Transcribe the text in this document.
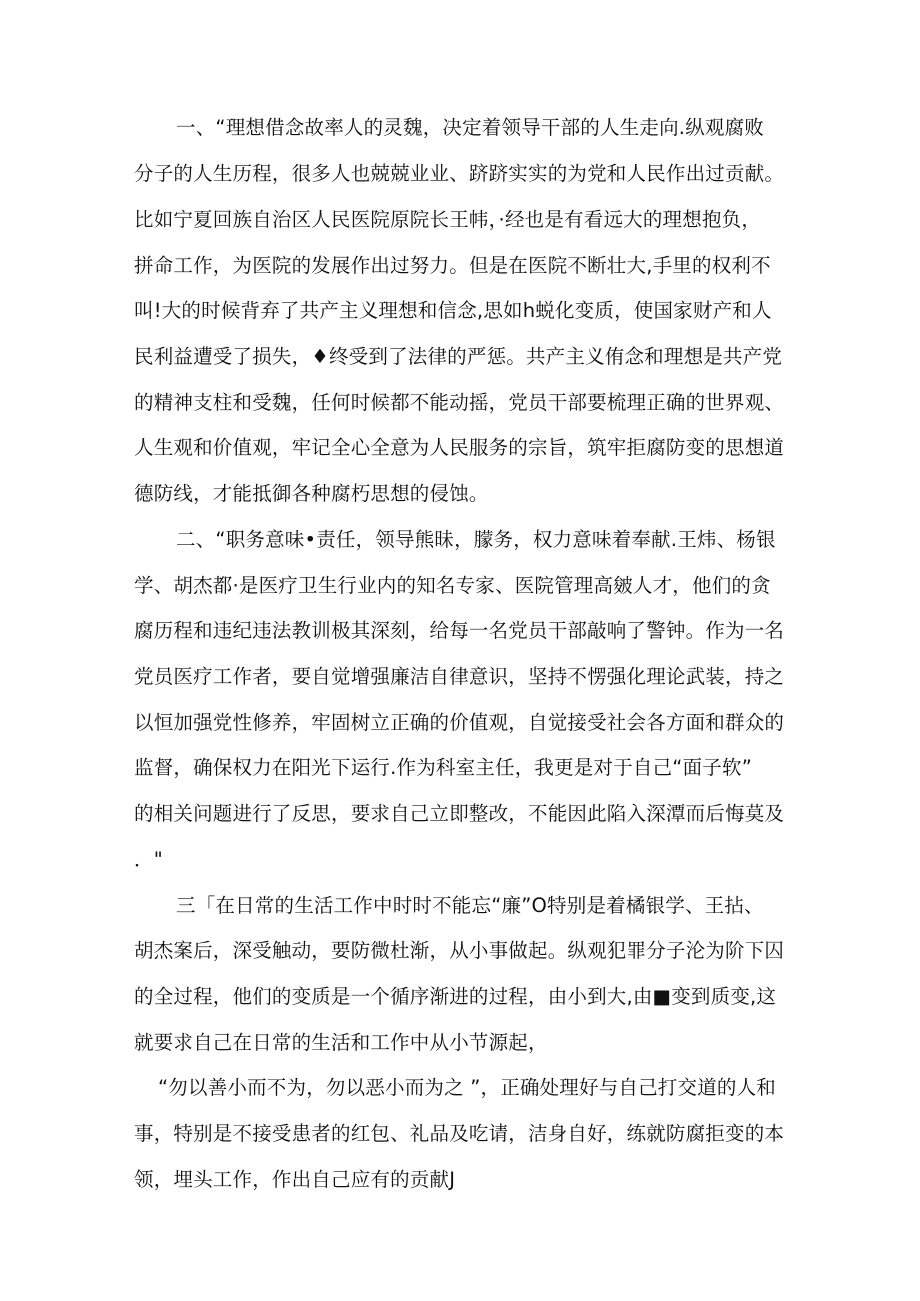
一、“理想借念故率人的灵魏，决定着领导干部的人生走向.纵观腐败
分子的人生历程，很多人也兢兢业业、跻跻实实的为党和人民作出过贡献。
比如宁夏回族自治区人民医院原院长王帏，·经也是有看远大的理想抱负，
拼命工作，为医院的发展作出过努力。但是在医院不断壮大,手里的权利不
叫!大的时候背弃了共产主义理想和信念,思如h蜕化变质，使国家财产和人
民利益遭受了损失，♦终受到了法律的严惩。共产主义侑念和理想是共产党
的精神支柱和受魏，任何时候都不能动摇，党员干部要梳理正确的世界观、
人生观和价值观，牢记全心全意为人民服务的宗旨，筑牢拒腐防变的思想道
德防线，才能抵御各种腐朽思想的侵蚀。
二、“职务意味•责任，领导熊昧，朦务，权力意味着奉献.王炜、杨银
学、胡杰都·是医疗卫生行业内的知名专家、医院管理高皴人才，他们的贪
腐历程和违纪违法教训极其深刻，给每一名党员干部敲响了警钟。作为一名
党员医疗工作者，要自觉增强廉洁自律意识，坚持不愣强化理论武装，持之
以恒加强党性修养，牢固树立正确的价值观，自觉接受社会各方面和群众的
监督，确保权力在阳光下运行.作为科室主任，我更是对于自己“面子软”
的相关问题进行了反思，要求自己立即整改，不能因此陷入深潭而后悔莫及
．"
三「在日常的生活工作中时时不能忘“廉”O特别是着橘银学、王拈、
胡杰案后，深受触动，要防微杜渐，从小事做起。纵观犯罪分子沦为阶下囚
的全过程，他们的变质是一个循序渐进的过程，由小到大,由■变到质变,这
就要求自己在日常的生活和工作中从小节源起，
“勿以善小而不为，勿以恶小而为之 ”，正确处理好与自己打交道的人和
事，特别是不接受患者的红包、礼品及吃请，洁身自好，练就防腐拒变的本
领，埋头工作，作出自己应有的贡献J
